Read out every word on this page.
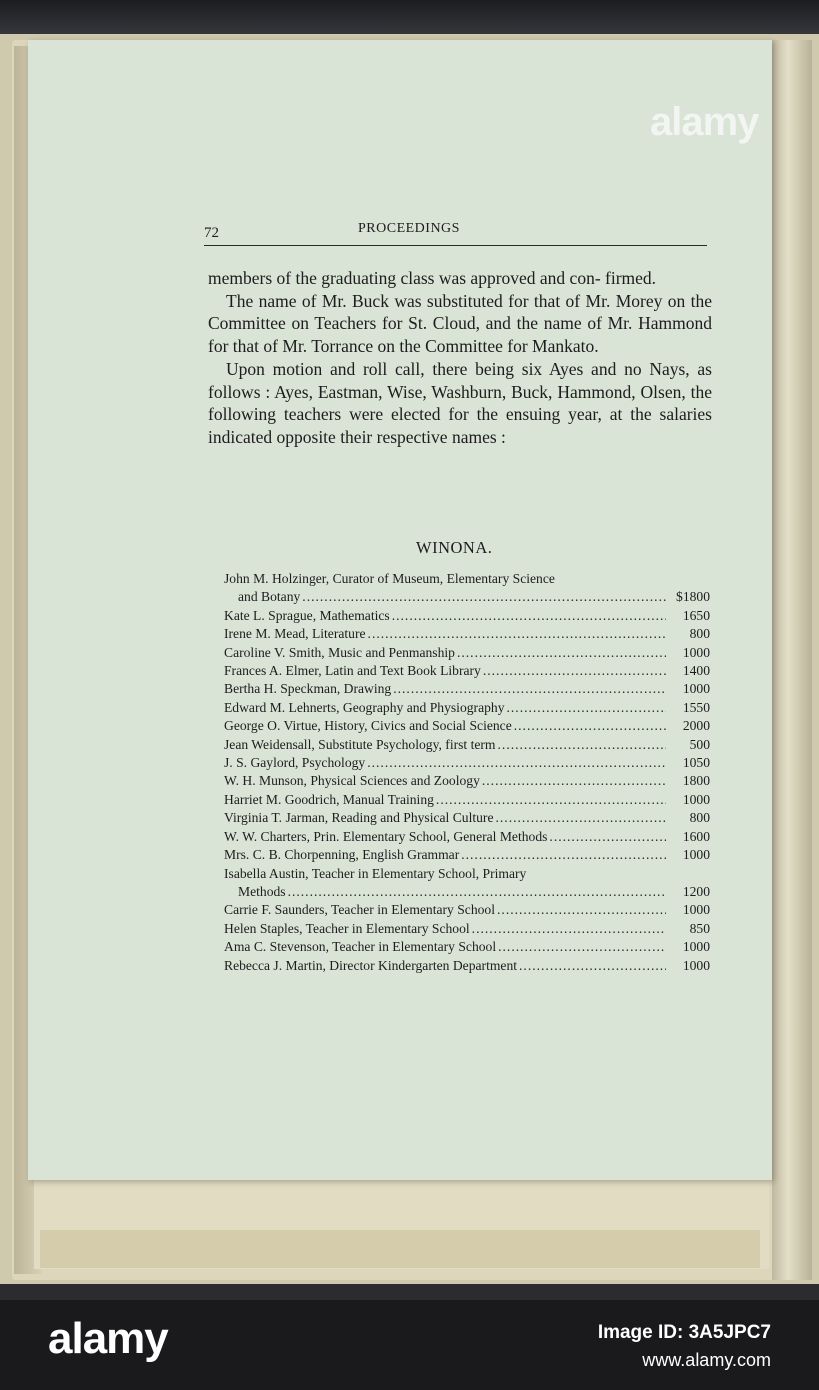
72	PROCEEDINGS

members of the graduating class was approved and con- firmed.

The name of Mr. Buck was substituted for that of Mr. Morey on the Committee on Teachers for St. Cloud, and the name of Mr. Hammond for that of Mr. Torrance on the Committee for Mankato.

Upon motion and roll call, there being six Ayes and no Nays, as follows : Ayes, Eastman, Wise, Washburn, Buck, Hammond, Olsen, the following teachers were elected for the ensuing year, at the salaries indicated opposite their respective names :

WINONA.
John M. Holzinger, Curator of Museum, Elementary Science
and Botany .....	$1800
Kate L. Sprague, Mathematics .....	1650
Irene M. Mead, Literature .....	800
Caroline V. Smith, Music and Penmanship .....	1000
Frances A. Elmer, Latin and Text Book Library .....	1400
Bertha H. Speckman, Drawing .....	1000
Edward M. Lehnerts, Geography and Physiography .....	1550
George O. Virtue, History, Civics and Social Science .....	2000
Jean Weidensall, Substitute Psychology, first term .....	500
J. S. Gaylord, Psychology .....	1050
W. H. Munson, Physical Sciences and Zoology .....	1800
Harriet M. Goodrich, Manual Training .....	1000
Virginia T. Jarman, Reading and Physical Culture .....	800
W. W. Charters, Prin. Elementary School, General Methods .....	1600
Mrs. C. B. Chorpenning, English Grammar .....	1000
Isabella Austin, Teacher in Elementary School, Primary
Methods .....	1200
Carrie F. Saunders, Teacher in Elementary School .....	1000
Helen Staples, Teacher in Elementary School .....	850
Ama C. Stevenson, Teacher in Elementary School .....	1000
Rebecca J. Martin, Director Kindergarten Department .....	1000
alamy
alamy	Image ID: 3A5JPC7
www.alamy.com
